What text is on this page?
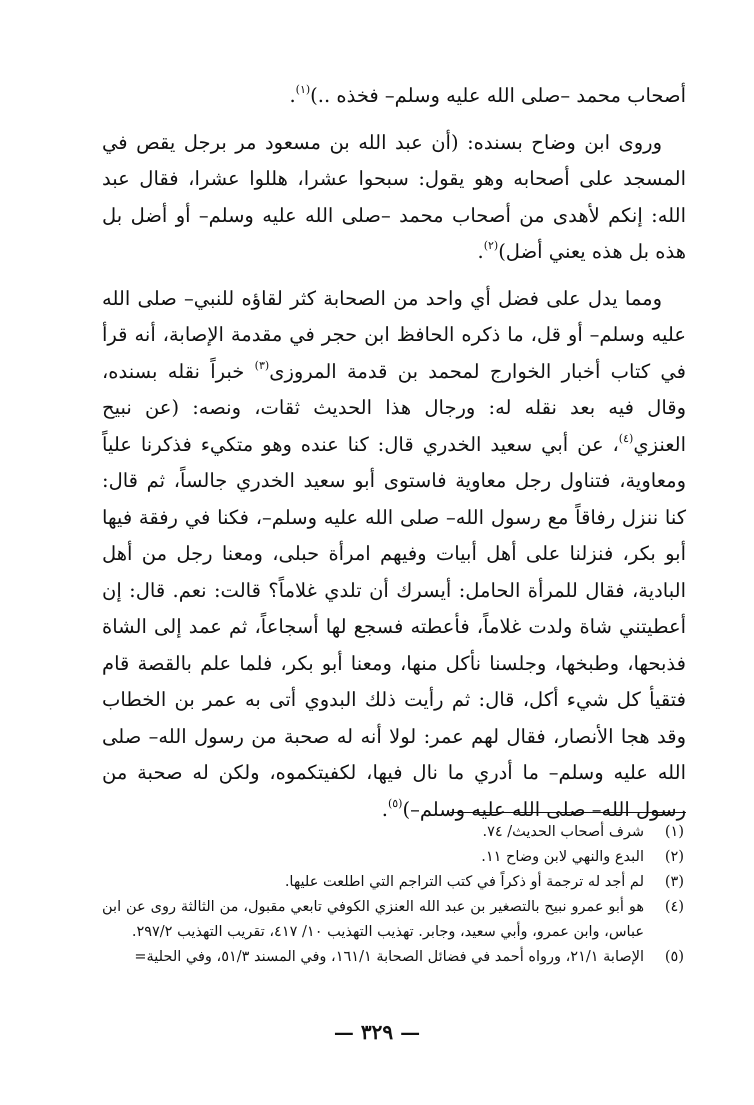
أصحاب محمد –صلى الله عليه وسلم– فخذه ..)$^{(١)}$.

وروى ابن وضاح بسنده: (أن عبد الله بن مسعود مر برجل يقص في المسجد على أصحابه وهو يقول: سبحوا عشرا، هللوا عشرا، فقال عبد الله: إنكم لأهدى من أصحاب محمد –صلى الله عليه وسلم– أو أضل بل هذه بل هذه يعني أضل)$^{(٢)}$.

ومما يدل على فضل أي واحد من الصحابة كثر لقاؤه للنبي– صلى الله عليه وسلم– أو قل، ما ذكره الحافظ ابن حجر في مقدمة الإصابة، أنه قرأ في كتاب أخبار الخوارج لمحمد بن قدمة المروزى$^{(٣)}$ خبراً نقله بسنده، وقال فيه بعد نقله له: ورجال هذا الحديث ثقات، ونصه: (عن نبيح العنزي$^{(٤)}$، عن أبي سعيد الخدري قال: كنا عنده وهو متكيء فذكرنا علياً ومعاوية، فتناول رجل معاوية فاستوى أبو سعيد الخدري جالساً، ثم قال: كنا ننزل رفاقاً مع رسول الله– صلى الله عليه وسلم–، فكنا في رفقة فيها أبو بكر، فنزلنا على أهل أبيات وفيهم امرأة حبلى، ومعنا رجل من أهل البادية، فقال للمرأة الحامل: أيسرك أن تلدي غلاماً؟ قالت: نعم. قال: إن أعطيتني شاة ولدت غلاماً، فأعطته فسجع لها أسجاعاً، ثم عمد إلى الشاة فذبحها، وطبخها، وجلسنا نأكل منها، ومعنا أبو بكر، فلما علم بالقصة قام فتقيأ كل شيء أكل، قال: ثم رأيت ذلك البدوي أتى به عمر بن الخطاب وقد هجا الأنصار، فقال لهم عمر: لولا أنه له صحبة من رسول الله– صلى الله عليه وسلم– ما أدري ما نال فيها، لكفيتكموه، ولكن له صحبة من رسول الله– صلى الله عليه وسلم–)$^{(٥)}$.

(١)
شرف أصحاب الحديث/ ٧٤.
(٢)
البدع والنهي لابن وضاح ١١.
(٣)
لم أجد له ترجمة أو ذكراً في كتب التراجم التي اطلعت عليها.
(٤)
هو أبو عمرو نبيح بالتصغير بن عبد الله العنزي الكوفي تابعي مقبول، من الثالثة روى عن ابن عباس، وابن عمرو، وأبي سعيد، وجابر. تهذيب التهذيب ١٠/ ٤١٧، تقريب التهذيب ٢٩٧/٢.
(٥)
الإصابة ٢١/١، ورواه أحمد في فضائل الصحابة ١٦١/١، وفي المسند ٥١/٣، وفي الحلية=
— ٣٢٩ —
